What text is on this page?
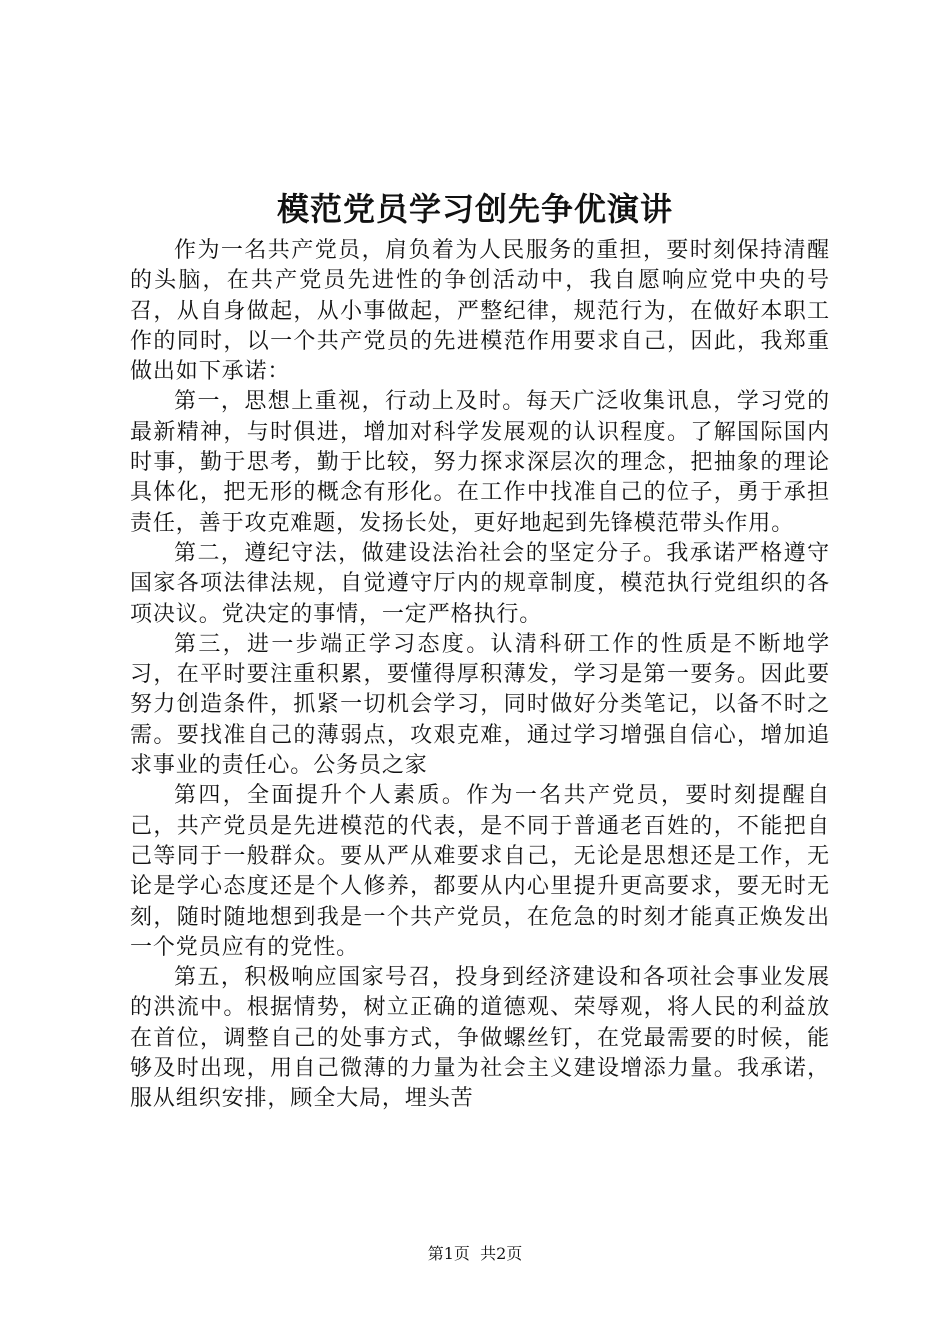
模范党员学习创先争优演讲

作为一名共产党员，肩负着为人民服务的重担，要时刻保持清醒的头脑，在共产党员先进性的争创活动中，我自愿响应党中央的号召，从自身做起，从小事做起，严整纪律，规范行为，在做好本职工作的同时，以一个共产党员的先进模范作用要求自己，因此，我郑重做出如下承诺：

第一，思想上重视，行动上及时。每天广泛收集讯息，学习党的最新精神，与时俱进，增加对科学发展观的认识程度。了解国际国内时事，勤于思考，勤于比较，努力探求深层次的理念，把抽象的理论具体化，把无形的概念有形化。在工作中找准自己的位子，勇于承担责任，善于攻克难题，发扬长处，更好地起到先锋模范带头作用。

第二，遵纪守法，做建设法治社会的坚定分子。我承诺严格遵守国家各项法律法规，自觉遵守厅内的规章制度，模范执行党组织的各项决议。党决定的事情，一定严格执行。

第三，进一步端正学习态度。认清科研工作的性质是不断地学习，在平时要注重积累，要懂得厚积薄发，学习是第一要务。因此要努力创造条件，抓紧一切机会学习，同时做好分类笔记，以备不时之需。要找准自己的薄弱点，攻艰克难，通过学习增强自信心，增加追求事业的责任心。公务员之家

第四，全面提升个人素质。作为一名共产党员，要时刻提醒自己，共产党员是先进模范的代表，是不同于普通老百姓的，不能把自己等同于一般群众。要从严从难要求自己，无论是思想还是工作，无论是学心态度还是个人修养，都要从内心里提升更高要求，要无时无刻，随时随地想到我是一个共产党员，在危急的时刻才能真正焕发出一个党员应有的党性。

第五，积极响应国家号召，投身到经济建设和各项社会事业发展的洪流中。根据情势，树立正确的道德观、荣辱观，将人民的利益放在首位，调整自己的处事方式，争做螺丝钉，在党最需要的时候，能够及时出现，用自己微薄的力量为社会主义建设增添力量。我承诺，服从组织安排，顾全大局，埋头苦

第1页  共2页
